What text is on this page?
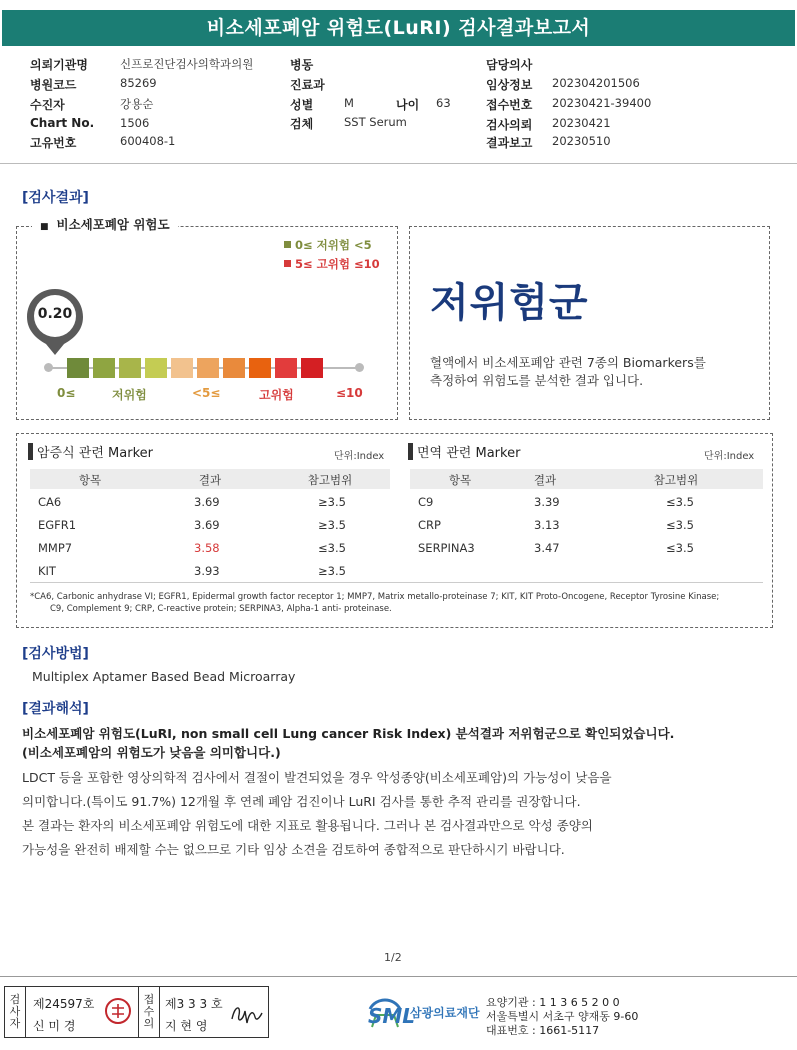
비소세포폐암 위험도(LuRI) 검사결과보고서
의뢰기관명	신프로진단검사의학과의원
병원코드	85269
수진자	강용순
Chart No. 1506
고유번호	600408-1
병동
진료과
성별	M	나이 63
검체	SST Serum
담당의사
임상정보 202304201506
접수번호 20230421-39400
검사의뢰 20230421
결과보고 20230510
[검사결과]
■ 비소세포폐암 위험도
0≤ 저위험 <5
5≤ 고위험 ≤10
0.20
0≤	저위험	<5≤	고위험	≤10
저위험군
혈액에서 비소세포폐암 관련 7종의 Biomarkers를
측정하여 위험도를 분석한 결과 입니다.
암증식 관련 Marker	단위:Index
항목	결과	참고범위
CA6	3.69	≥3.5
EGFR1	3.69	≥3.5
MMP7	3.58	≤3.5
KIT	3.93	≥3.5
면역 관련 Marker	단위:Index
항목	결과	참고범위
C9	3.39	≤3.5
CRP	3.13	≤3.5
SERPINA3	3.47	≤3.5
*CA6, Carbonic anhydrase VI; EGFR1, Epidermal growth factor receptor 1; MMP7, Matrix metallo-proteinase 7; KIT, KIT Proto-Oncogene, Receptor Tyrosine Kinase;
C9, Complement 9; CRP, C-reactive protein; SERPINA3, Alpha-1 anti- proteinase.
[검사방법]
Multiplex Aptamer Based Bead Microarray
[결과해석]
비소세포폐암 위험도(LuRI, non small cell Lung cancer Risk Index) 분석결과 저위험군으로 확인되었습니다.
(비소세포폐암의 위험도가 낮음을 의미합니다.)
LDCT 등을 포함한 영상의학적 검사에서 결절이 발견되었을 경우 악성종양(비소세포폐암)의 가능성이 낮음을
의미합니다.(특이도 91.7%) 12개월 후 연례 폐암 검진이나 LuRI 검사를 통한 추적 관리를 권장합니다.
본 결과는 환자의 비소세포폐암 위험도에 대한 지표로 활용됩니다. 그러나 본 검사결과만으로 악성 종양의
가능성을 완전히 배제할 수는 없으므로 기타 임상 소견을 검토하여 종합적으로 판단하시기 바랍니다.
1/2
검
사
자
제24597호
신 미 경
접
수
의
제3 3 3 호
지 현 영	SML
삼광의료재단
요양기관 : 1 1 3 6 5 2 0 0
서울특별시 서초구 양재동 9-60
대표번호 : 1661-5117
